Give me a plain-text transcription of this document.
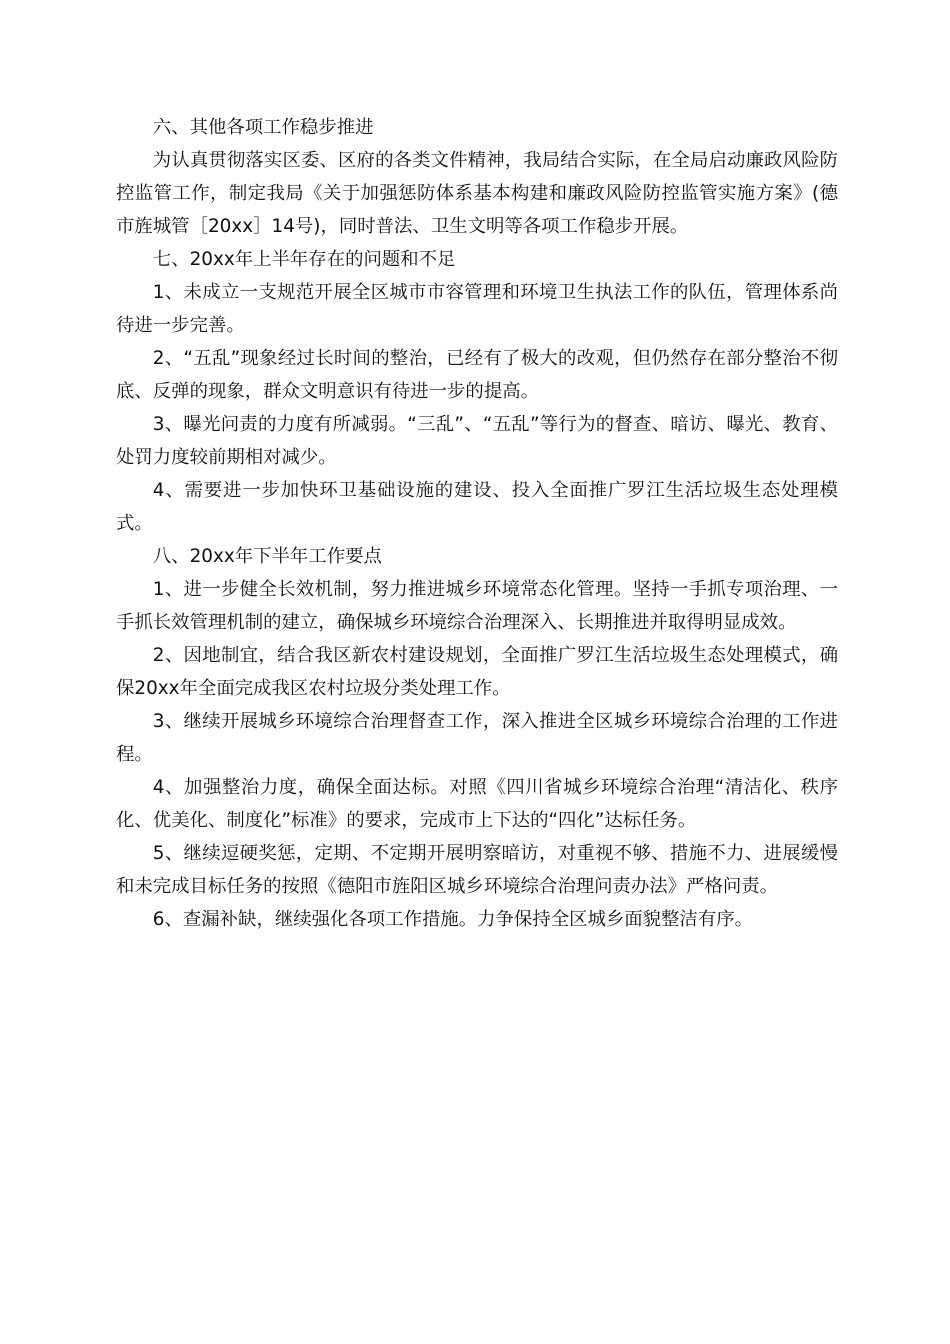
六、其他各项工作稳步推进

为认真贯彻落实区委、区府的各类文件精神，我局结合实际，在全局启动廉政风险防控监管工作，制定我局《关于加强惩防体系基本构建和廉政风险防控监管实施方案》(德市旌城管［20xx］14号)，同时普法、卫生文明等各项工作稳步开展。

七、20xx年上半年存在的问题和不足

1、未成立一支规范开展全区城市市容管理和环境卫生执法工作的队伍，管理体系尚待进一步完善。

2、“五乱”现象经过长时间的整治，已经有了极大的改观，但仍然存在部分整治不彻底、反弹的现象，群众文明意识有待进一步的提高。

3、曝光问责的力度有所减弱。“三乱”、“五乱”等行为的督查、暗访、曝光、教育、处罚力度较前期相对减少。

4、需要进一步加快环卫基础设施的建设、投入全面推广罗江生活垃圾生态处理模式。

八、20xx年下半年工作要点

1、进一步健全长效机制，努力推进城乡环境常态化管理。坚持一手抓专项治理、一手抓长效管理机制的建立，确保城乡环境综合治理深入、长期推进并取得明显成效。

2、因地制宜，结合我区新农村建设规划，全面推广罗江生活垃圾生态处理模式，确保20xx年全面完成我区农村垃圾分类处理工作。

3、继续开展城乡环境综合治理督查工作，深入推进全区城乡环境综合治理的工作进程。

4、加强整治力度，确保全面达标。对照《四川省城乡环境综合治理“清洁化、秩序化、优美化、制度化”标准》的要求，完成市上下达的“四化”达标任务。

5、继续逗硬奖惩，定期、不定期开展明察暗访，对重视不够、措施不力、进展缓慢和未完成目标任务的按照《德阳市旌阳区城乡环境综合治理问责办法》严格问责。

6、查漏补缺，继续强化各项工作措施。力争保持全区城乡面貌整洁有序。
